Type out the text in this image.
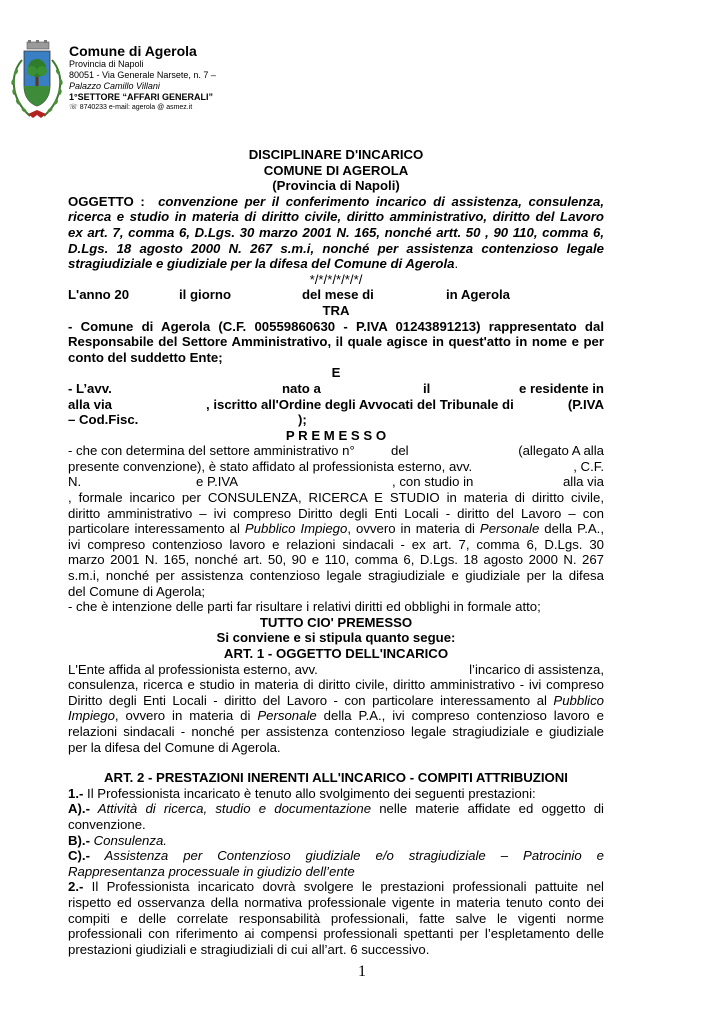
Comune di Agerola
Provincia di Napoli
80051 - Via Generale Narsete, n. 7 –
Palazzo Camillo Villani
1°SETTORE “AFFARI GENERALI”
☏ 8740233 e-mail: agerola @ asmez.it
DISCIPLINARE D'INCARICO
COMUNE DI AGEROLA
(Provincia di Napoli)
OGGETTO : convenzione per il conferimento incarico di assistenza, consulenza,
ricerca e studio in materia di diritto civile, diritto amministrativo, diritto del Lavoro
ex art. 7, comma 6, D.Lgs. 30 marzo 2001 N. 165, nonché artt. 50 , 90 110, comma 6,
D.Lgs. 18 agosto 2000 N. 267 s.m.i, nonché per assistenza contenzioso legale
stragiudiziale e giudiziale per la difesa del Comune di Agerola.
*/*/*/*/*/*/
L'anno 20	il giorno	del mese di	in Agerola
TRA
- Comune di Agerola (C.F. 00559860630 - P.IVA 01243891213) rappresentato dal
Responsabile del Settore Amministrativo, il quale agisce in quest'atto in nome e per
conto del suddetto Ente;
E
- L’avv.	nato a	il	e residente in
alla via	, iscritto all'Ordine degli Avvocati del Tribunale di	(P.IVA
– Cod.Fisc.	);
P R E M E S S O
- che con determina del settore amministrativo n°	del	(allegato A alla
presente convenzione), è stato affidato al professionista esterno, avv.	, C.F.
N.	e P.IVA	, con studio in	alla via
, formale incarico per CONSULENZA, RICERCA E STUDIO in materia di diritto civile,
diritto amministrativo – ivi compreso Diritto degli Enti Locali - diritto del Lavoro – con
particolare interessamento al Pubblico Impiego, ovvero in materia di Personale della P.A.,
ivi compreso contenzioso lavoro e relazioni sindacali - ex art. 7, comma 6, D.Lgs. 30
marzo 2001 N. 165, nonché art. 50, 90 e 110, comma 6, D.Lgs. 18 agosto 2000 N. 267
s.m.i, nonché per assistenza contenzioso legale stragiudiziale e giudiziale per la difesa
del Comune di Agerola;
- che è intenzione delle parti far risultare i relativi diritti ed obblighi in formale atto;
TUTTO CIO' PREMESSO
Si conviene e si stipula quanto segue:
ART. 1 - OGGETTO DELL'INCARICO
L'Ente affida al professionista esterno, avv.	l’incarico di assistenza,
consulenza, ricerca e studio in materia di diritto civile, diritto amministrativo - ivi compreso
Diritto degli Enti Locali - diritto del Lavoro - con particolare interessamento al Pubblico
Impiego, ovvero in materia di Personale della P.A., ivi compreso contenzioso lavoro e
relazioni sindacali - nonché per assistenza contenzioso legale stragiudiziale e giudiziale
per la difesa del Comune di Agerola.
ART. 2 - PRESTAZIONI INERENTI ALL'INCARICO - COMPITI ATTRIBUZIONI
1.- Il Professionista incaricato è tenuto allo svolgimento dei seguenti prestazioni:
A).- Attività di ricerca, studio e documentazione nelle materie affidate ed oggetto di
convenzione.
B).- Consulenza.
C).- Assistenza per Contenzioso giudiziale e/o stragiudiziale – Patrocinio e
Rappresentanza processuale in giudizio dell’ente
2.- Il Professionista incaricato dovrà svolgere le prestazioni professionali pattuite nel
rispetto ed osservanza della normativa professionale vigente in materia tenuto conto dei
compiti e delle correlate responsabilità professionali, fatte salve le vigenti norme
professionali con riferimento ai compensi professionali spettanti per l’espletamento delle
prestazioni giudiziali e stragiudiziali di cui all’art. 6 successivo.
1
